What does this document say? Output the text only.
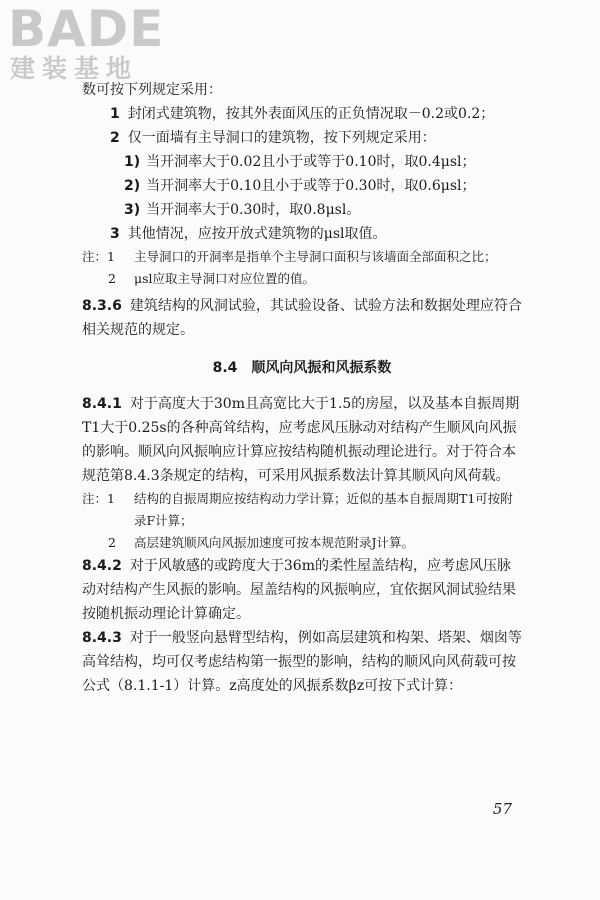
BADE
建装基地

数可按下列规定采用：

1 封闭式建筑物，按其外表面风压的正负情况取－0.2或0.2；

2 仅一面墙有主导洞口的建筑物，按下列规定采用：

1) 当开洞率大于0.02且小于或等于0.10时，取0.4μsl；

2) 当开洞率大于0.10且小于或等于0.30时，取0.6μsl；

3) 当开洞率大于0.30时，取0.8μsl。

3 其他情况，应按开放式建筑物的μsl取值。

注：1	主导洞口的开洞率是指单个主导洞口面积与该墙面全部面积之比；
2	μsl应取主导洞口对应位置的值。

8.3.6 建筑结构的风洞试验，其试验设备、试验方法和数据处理应符合相关规范的规定。

8.4　顺风向风振和风振系数

8.4.1 对于高度大于30m且高宽比大于1.5的房屋，以及基本自振周期T1大于0.25s的各种高耸结构，应考虑风压脉动对结构产生顺风向风振的影响。顺风向风振响应计算应按结构随机振动理论进行。对于符合本规范第8.4.3条规定的结构，可采用风振系数法计算其顺风向风荷载。

注：1	结构的自振周期应按结构动力学计算；近似的基本自振周期T1可按附录F计算；
2	高层建筑顺风向风振加速度可按本规范附录J计算。

8.4.2 对于风敏感的或跨度大于36m的柔性屋盖结构，应考虑风压脉动对结构产生风振的影响。屋盖结构的风振响应，宜依据风洞试验结果按随机振动理论计算确定。

8.4.3 对于一般竖向悬臂型结构，例如高层建筑和构架、塔架、烟囱等高耸结构，均可仅考虑结构第一振型的影响，结构的顺风向风荷载可按公式（8.1.1-1）计算。z高度处的风振系数βz可按下式计算：

57
